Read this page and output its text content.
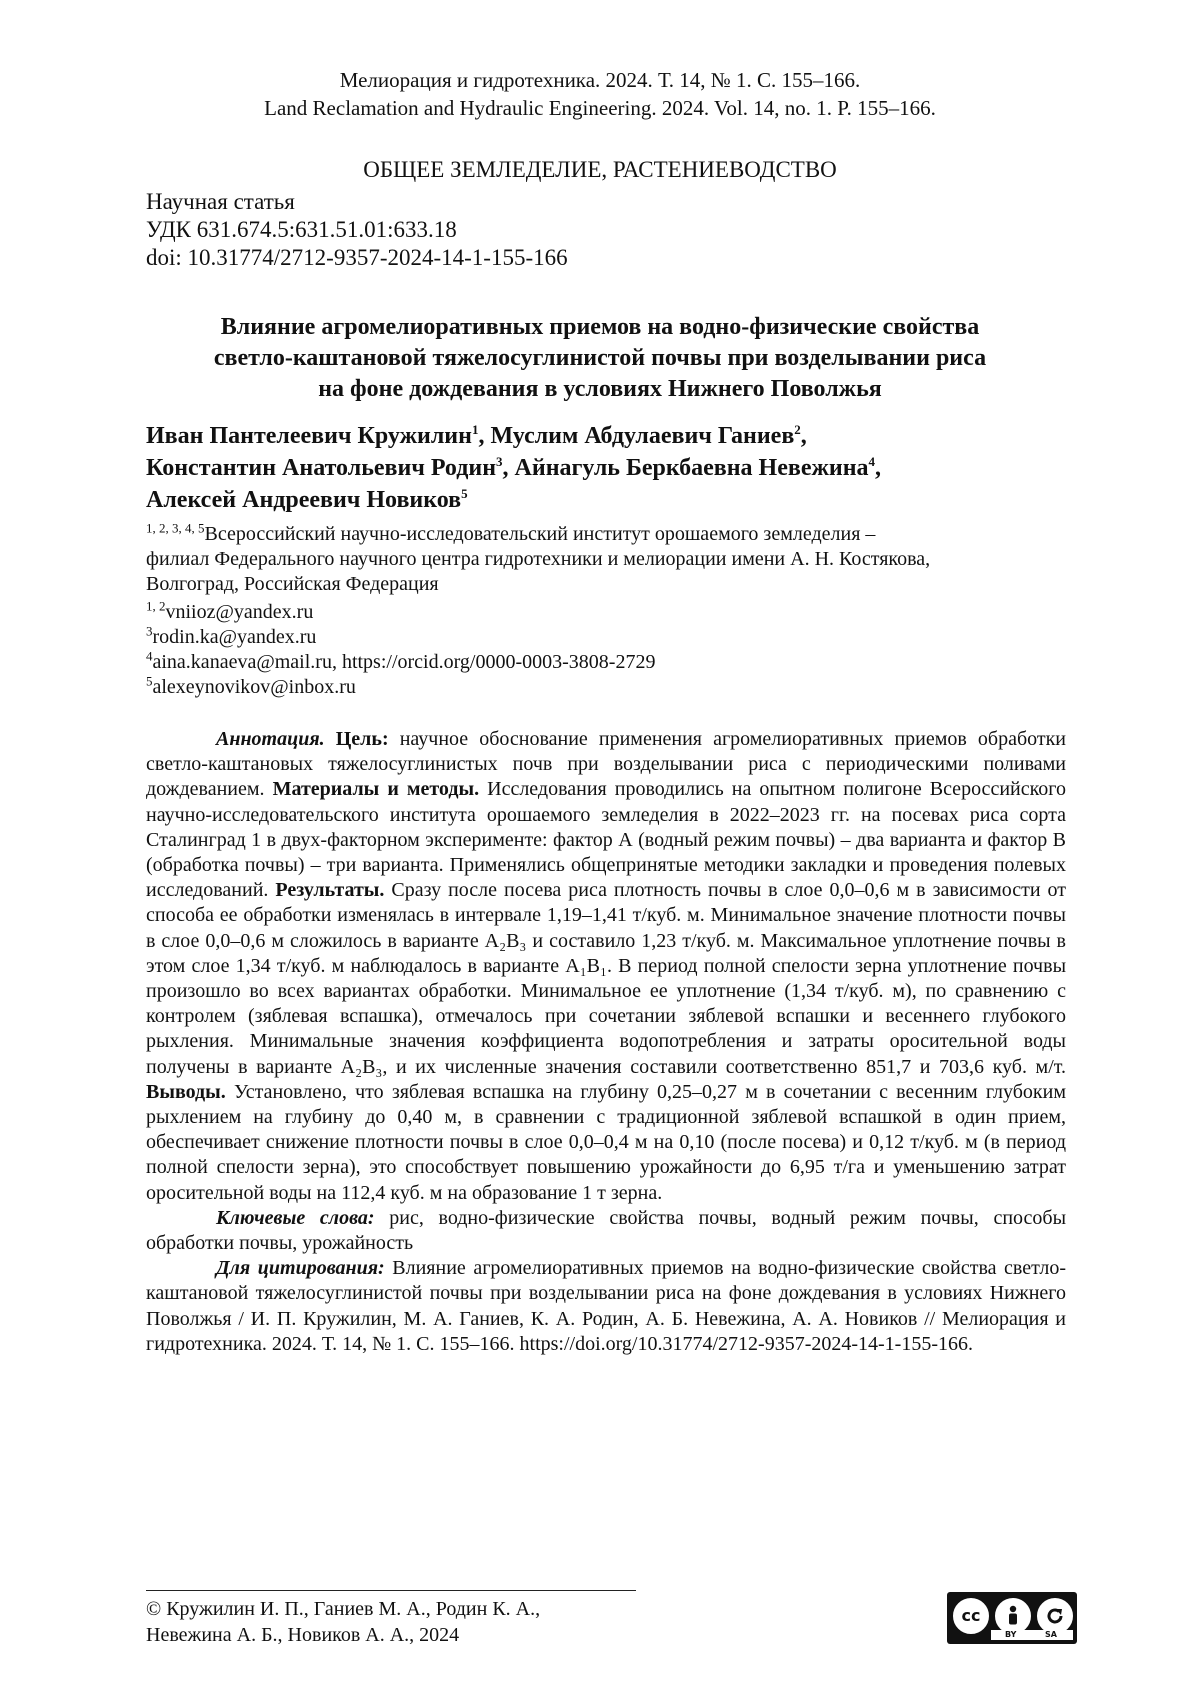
Мелиорация и гидротехника. 2024. Т. 14, № 1. С. 155–166.
Land Reclamation and Hydraulic Engineering. 2024. Vol. 14, no. 1. P. 155–166.
ОБЩЕЕ ЗЕМЛЕДЕЛИЕ, РАСТЕНИЕВОДСТВО
Научная статья
УДК 631.674.5:631.51.01:633.18
doi: 10.31774/2712-9357-2024-14-1-155-166
Влияние агромелиоративных приемов на водно-физические свойства
светло-каштановой тяжелосуглинистой почвы при возделывании риса
на фоне дождевания в условиях Нижнего Поволжья
Иван Пантелеевич Кружилин$^1$, Муслим Абдулаевич Ганиев$^2$,
Константин Анатольевич Родин$^3$, Айнагуль Беркбаевна Невежина$^4$,
Алексей Андреевич Новиков$^5$
$^{1, 2, 3, 4, 5}$Всероссийский научно-исследовательский институт орошаемого земледелия –
филиал Федерального научного центра гидротехники и мелиорации имени А. Н. Костякова,
Волгоград, Российская Федерация
$^{1, 2}$vniioz@yandex.ru
$^3$rodin.ka@yandex.ru
$^4$aina.kanaeva@mail.ru, https://orcid.org/0000-0003-3808-2729
$^5$alexeynovikov@inbox.ru

Аннотация. Цель: научное обоснование применения агромелиоративных приемов обработки светло-каштановых тяжелосуглинистых почв при возделывании риса с периодическими поливами дождеванием. Материалы и методы. Исследования проводились на опытном полигоне Всероссийского научно-исследовательского института орошаемого земледелия в 2022–2023 гг. на посевах риса сорта Сталинград 1 в двух-факторном эксперименте: фактор А (водный режим почвы) – два варианта и фактор В (обработка почвы) – три варианта. Применялись общепринятые методики закладки и проведения полевых исследований. Результаты. Сразу после посева риса плотность почвы в слое 0,0–0,6 м в зависимости от способа ее обработки изменялась в интервале 1,19–1,41 т/куб. м. Минимальное значение плотности почвы в слое 0,0–0,6 м сложилось в варианте A₂B₃ и составило 1,23 т/куб. м. Максимальное уплотнение почвы в этом слое 1,34 т/куб. м наблюдалось в варианте A₁B₁. В период полной спелости зерна уплотнение почвы произошло во всех вариантах обработки. Минимальное ее уплотнение (1,34 т/куб. м), по сравнению с контролем (зяблевая вспашка), отмечалось при сочетании зяблевой вспашки и весеннего глубокого рыхления. Минимальные значения коэффициента водопотребления и затраты оросительной воды получены в варианте A₂B₃, и их численные значения составили соответственно 851,7 и 703,6 куб. м/т. Выводы. Установлено, что зяблевая вспашка на глубину 0,25–0,27 м в сочетании с весенним глубоким рыхлением на глубину до 0,40 м, в сравнении с традиционной зяблевой вспашкой в один прием, обеспечивает снижение плотности почвы в слое 0,0–0,4 м на 0,10 (после посева) и 0,12 т/куб. м (в период полной спелости зерна), это способствует повышению урожайности до 6,95 т/га и уменьшению затрат оросительной воды на 112,4 куб. м на образование 1 т зерна.

Ключевые слова: рис, водно-физические свойства почвы, водный режим почвы, способы обработки почвы, урожайность

Для цитирования: Влияние агромелиоративных приемов на водно-физические свойства светло-каштановой тяжелосуглинистой почвы при возделывании риса на фоне дождевания в условиях Нижнего Поволжья / И. П. Кружилин, М. А. Ганиев, К. А. Родин, А. Б. Невежина, А. А. Новиков // Мелиорация и гидротехника. 2024. Т. 14, № 1. С. 155–166. https://doi.org/10.31774/2712-9357-2024-14-1-155-166.

© Кружилин И. П., Ганиев М. А., Родин К. А.,
Невежина А. Б., Новиков А. А., 2024
cc
BY	SA
